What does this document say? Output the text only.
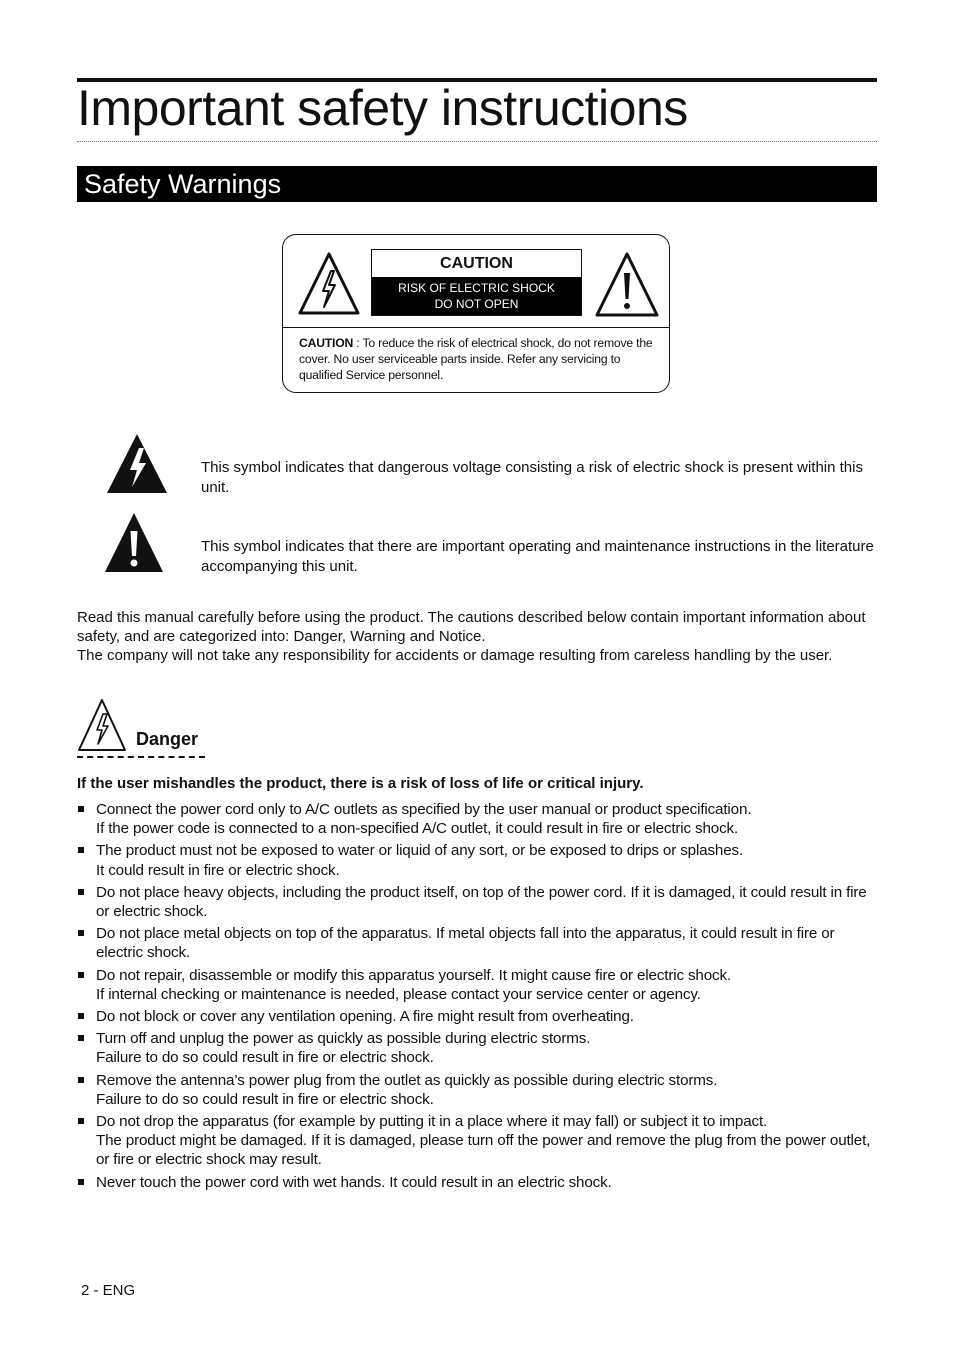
Important safety instructions
Safety Warnings
CAUTION
RISK OF ELECTRIC SHOCK
DO NOT OPEN
CAUTION : To reduce the risk of electrical shock, do not remove the cover. No user serviceable parts inside. Refer any servicing to qualified Service personnel.
This symbol indicates that dangerous voltage consisting a risk of electric shock is present within this unit.
This symbol indicates that there are important operating and maintenance instructions in the literature accompanying this unit.

Read this manual carefully before using the product. The cautions described below contain important information about safety, and are categorized into: Danger, Warning and Notice.

The company will not take any responsibility for accidents or damage resulting from careless handling by the user.

Danger
If the user mishandles the product, there is a risk of loss of life or critical injury.
Connect the power cord only to A/C outlets as specified by the user manual or product specification.
If the power code is connected to a non-specified A/C outlet, it could result in fire or electric shock.
The product must not be exposed to water or liquid of any sort, or be exposed to drips or splashes.
It could result in fire or electric shock.
Do not place heavy objects, including the product itself, on top of the power cord. If it is damaged, it could result in fire or electric shock.
Do not place metal objects on top of the apparatus. If metal objects fall into the apparatus, it could result in fire or electric shock.
Do not repair, disassemble or modify this apparatus yourself. It might cause fire or electric shock.
If internal checking or maintenance is needed, please contact your service center or agency.
Do not block or cover any ventilation opening. A fire might result from overheating.
Turn off and unplug the power as quickly as possible during electric storms.
Failure to do so could result in fire or electric shock.
Remove the antenna’s power plug from the outlet as quickly as possible during electric storms.
Failure to do so could result in fire or electric shock.
Do not drop the apparatus (for example by putting it in a place where it may fall) or subject it to impact.
The product might be damaged. If it is damaged, please turn off the power and remove the plug from the power outlet, or fire or electric shock may result.
Never touch the power cord with wet hands. It could result in an electric shock.
2 - ENG
